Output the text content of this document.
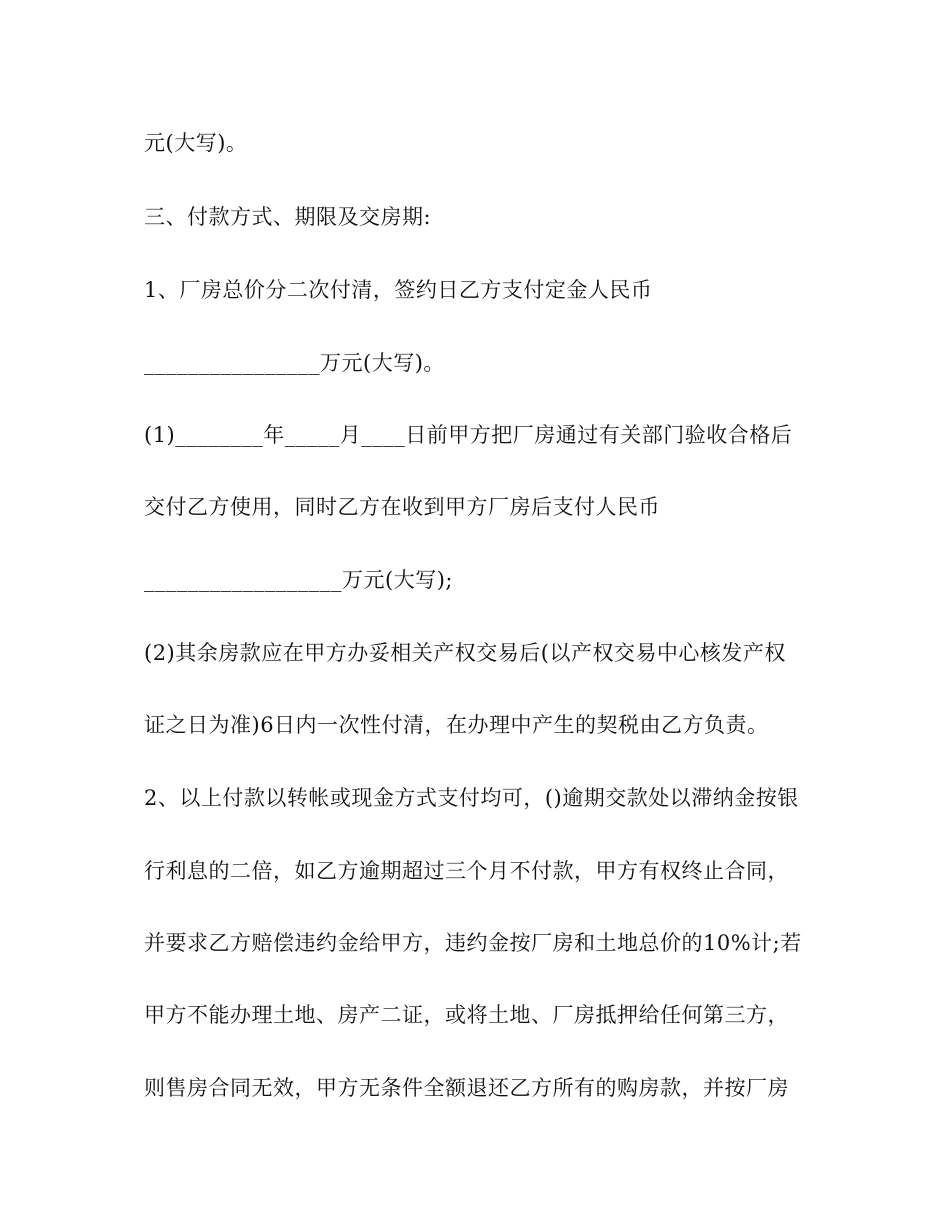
元(大写)。
三、付款方式、期限及交房期:
1、厂房总价分二次付清，签约日乙方支付定金人民币
________________万元(大写)。
(1)________年_____月____日前甲方把厂房通过有关部门验收合格后
交付乙方使用，同时乙方在收到甲方厂房后支付人民币
__________________万元(大写);
(2)其余房款应在甲方办妥相关产权交易后(以产权交易中心核发产权
证之日为准)6日内一次性付清，在办理中产生的契税由乙方负责。
2、以上付款以转帐或现金方式支付均可，()逾期交款处以滞纳金按银
行利息的二倍，如乙方逾期超过三个月不付款，甲方有权终止合同，
并要求乙方赔偿违约金给甲方，违约金按厂房和土地总价的10%计;若
甲方不能办理土地、房产二证，或将土地、厂房抵押给任何第三方，
则售房合同无效，甲方无条件全额退还乙方所有的购房款，并按厂房
